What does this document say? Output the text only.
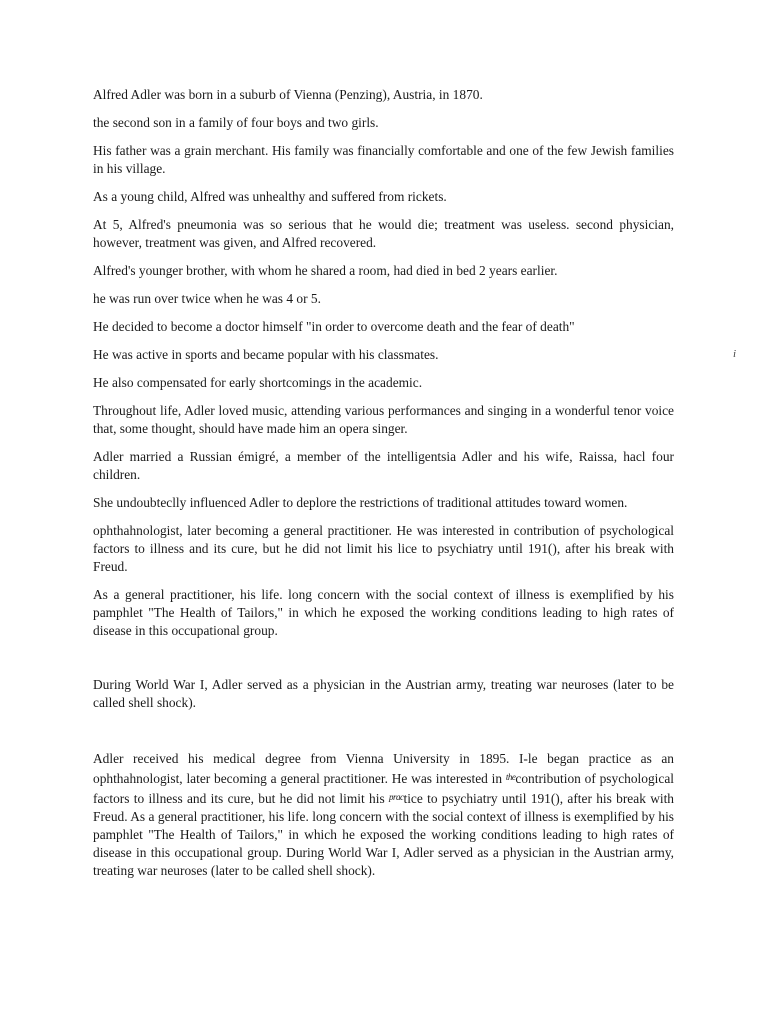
Alfred Adler was born in a suburb of Vienna (Penzing), Austria, in 1870.

the second son in a family of four boys and two girls.

His father was a grain merchant. His family was financially comfortable and one of the few Jewish families in his village.

As a young child, Alfred was unhealthy and suffered from rickets.

At 5, Alfred's pneumonia was so serious that he would die; treatment was useless. second physician, however, treatment was given, and Alfred recovered.

Alfred's younger brother, with whom he shared a room, had died in bed 2 years earlier.

he was run over twice when he was 4 or 5.

He decided to become a doctor himself "in order to overcome death and the fear of death"

He was active in sports and became popular with his classmates.

He also compensated for early shortcomings in the academic.

Throughout life, Adler loved music, attending various performances and singing in a wonderful tenor voice that, some thought, should have made him an opera singer.

Adler married a Russian émigré, a member of the intelligentsia Adler and his wife, Raissa, hacl four children.

She undoubteclly influenced Adler to deplore the restrictions of traditional attitudes toward women.

ophthahnologist, later becoming a general practitioner. He was interested in contribution of psychological factors to illness and its cure, but he did not limit his lice to psychiatry until 191(), after his break with Freud.

As a general practitioner, his life. long concern with the social context of illness is exemplified by his pamphlet "The Health of Tailors," in which he exposed the working conditions leading to high rates of disease in this occupational group.

During World War I, Adler served as a physician in the Austrian army, treating war neuroses (later to be called shell shock).

Adler received his medical degree from Vienna University in 1895. I-le began practice as an ophthahnologist, later becoming a general practitioner. He was interested in $^{the}$contribution of psychological factors to illness and its cure, but he did not limit his $^{prac}$tice to psychiatry until 191(), after his break with Freud. As a general practitioner, his life. long concern with the social context of illness is exemplified by his pamphlet "The Health of Tailors," in which he exposed the working conditions leading to high rates of disease in this occupational group. During World War I, Adler served as a physician in the Austrian army, treating war neuroses (later to be called shell shock).

i
